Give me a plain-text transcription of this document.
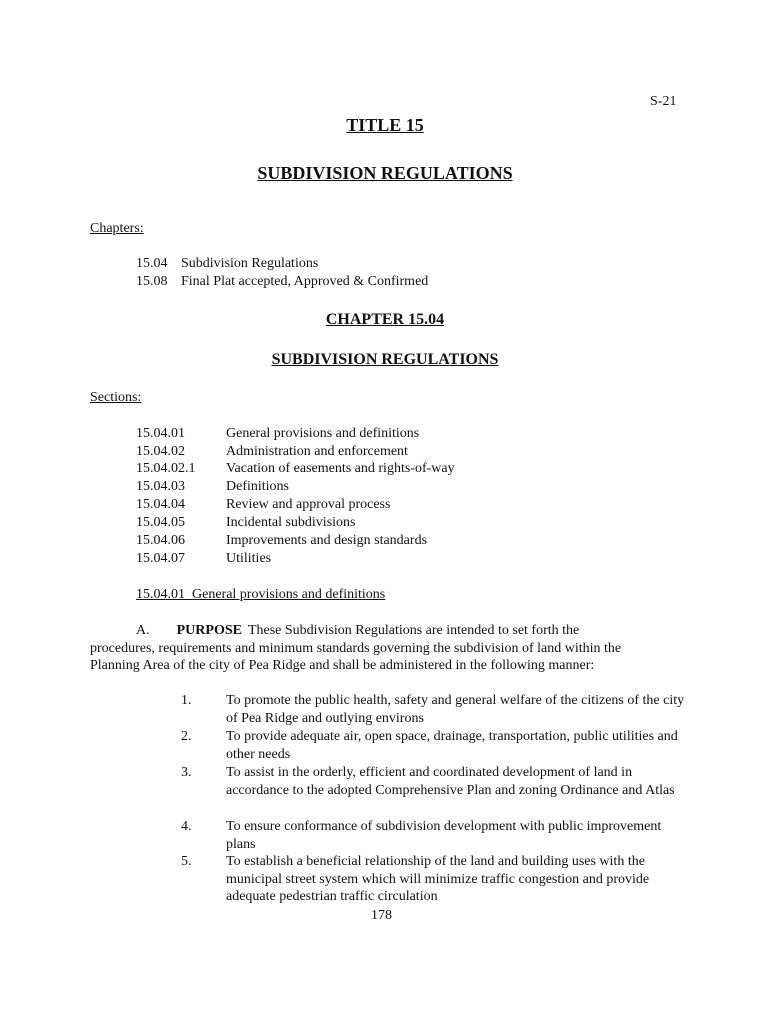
S-21
TITLE 15
SUBDIVISION REGULATIONS
Chapters:
15.04 Subdivision Regulations
15.08 Final Plat accepted, Approved & Confirmed
CHAPTER 15.04
SUBDIVISION REGULATIONS
Sections:
15.04.01	General provisions and definitions
15.04.02	Administration and enforcement
15.04.02.1 Vacation of easements and rights-of-way
15.04.03	Definitions
15.04.04	Review and approval process
15.04.05	Incidental subdivisions
15.04.06	Improvements and design standards
15.04.07	Utilities
15.04.01  General provisions and definitions
A. PURPOSE These Subdivision Regulations are intended to set forth the
procedures, requirements and minimum standards governing the subdivision of land within the
Planning Area of the city of Pea Ridge and shall be administered in the following manner:
1. To promote the public health, safety and general welfare of the citizens of the city of Pea Ridge and outlying environs
2. To provide adequate air, open space, drainage, transportation, public utilities and other needs
3. To assist in the orderly, efficient and coordinated development of land in accordance to the adopted Comprehensive Plan and zoning Ordinance and Atlas
4. To ensure conformance of subdivision development with public improvement plans
5. To establish a beneficial relationship of the land and building uses with the municipal street system which will minimize traffic congestion and provide adequate pedestrian traffic circulation
178
